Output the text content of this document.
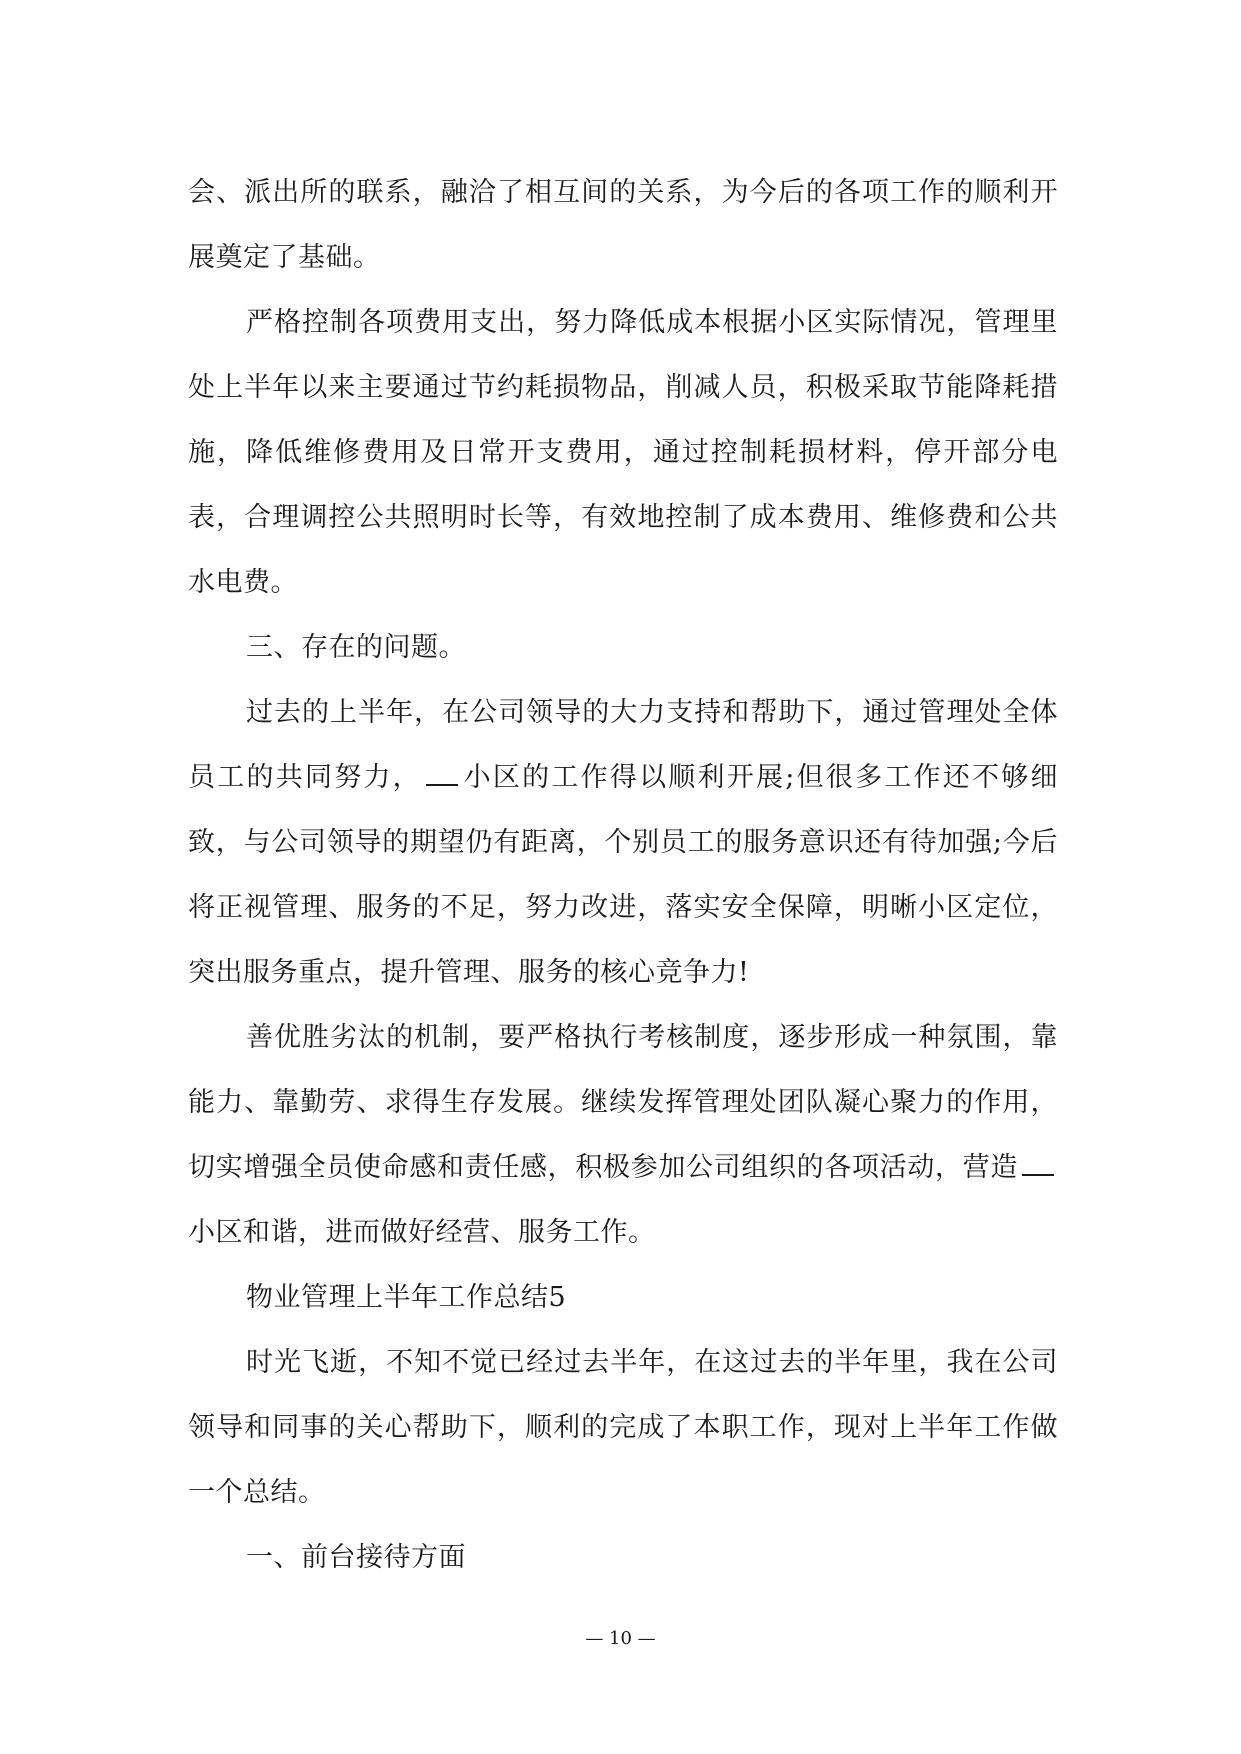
会、派出所的联系，融洽了相互间的关系，为今后的各项工作的顺利开展奠定了基础。

严格控制各项费用支出，努力降低成本根据小区实际情况，管理里处上半年以来主要通过节约耗损物品，削减人员，积极采取节能降耗措施，降低维修费用及日常开支费用，通过控制耗损材料，停开部分电表，合理调控公共照明时长等，有效地控制了成本费用、维修费和公共水电费。

三、存在的问题。

过去的上半年，在公司领导的大力支持和帮助下，通过管理处全体员工的共同努力， 小区的工作得以顺利开展;但很多工作还不够细致，与公司领导的期望仍有距离，个别员工的服务意识还有待加强;今后将正视管理、服务的不足，努力改进，落实安全保障，明晰小区定位，突出服务重点，提升管理、服务的核心竞争力!

善优胜劣汰的机制，要严格执行考核制度，逐步形成一种氛围，靠能力、靠勤劳、求得生存发展。继续发挥管理处团队凝心聚力的作用，切实增强全员使命感和责任感，积极参加公司组织的各项活动，营造小区和谐，进而做好经营、服务工作。

物业管理上半年工作总结5

时光飞逝，不知不觉已经过去半年，在这过去的半年里，我在公司领导和同事的关心帮助下，顺利的完成了本职工作，现对上半年工作做一个总结。

一、前台接待方面

— 10 —
